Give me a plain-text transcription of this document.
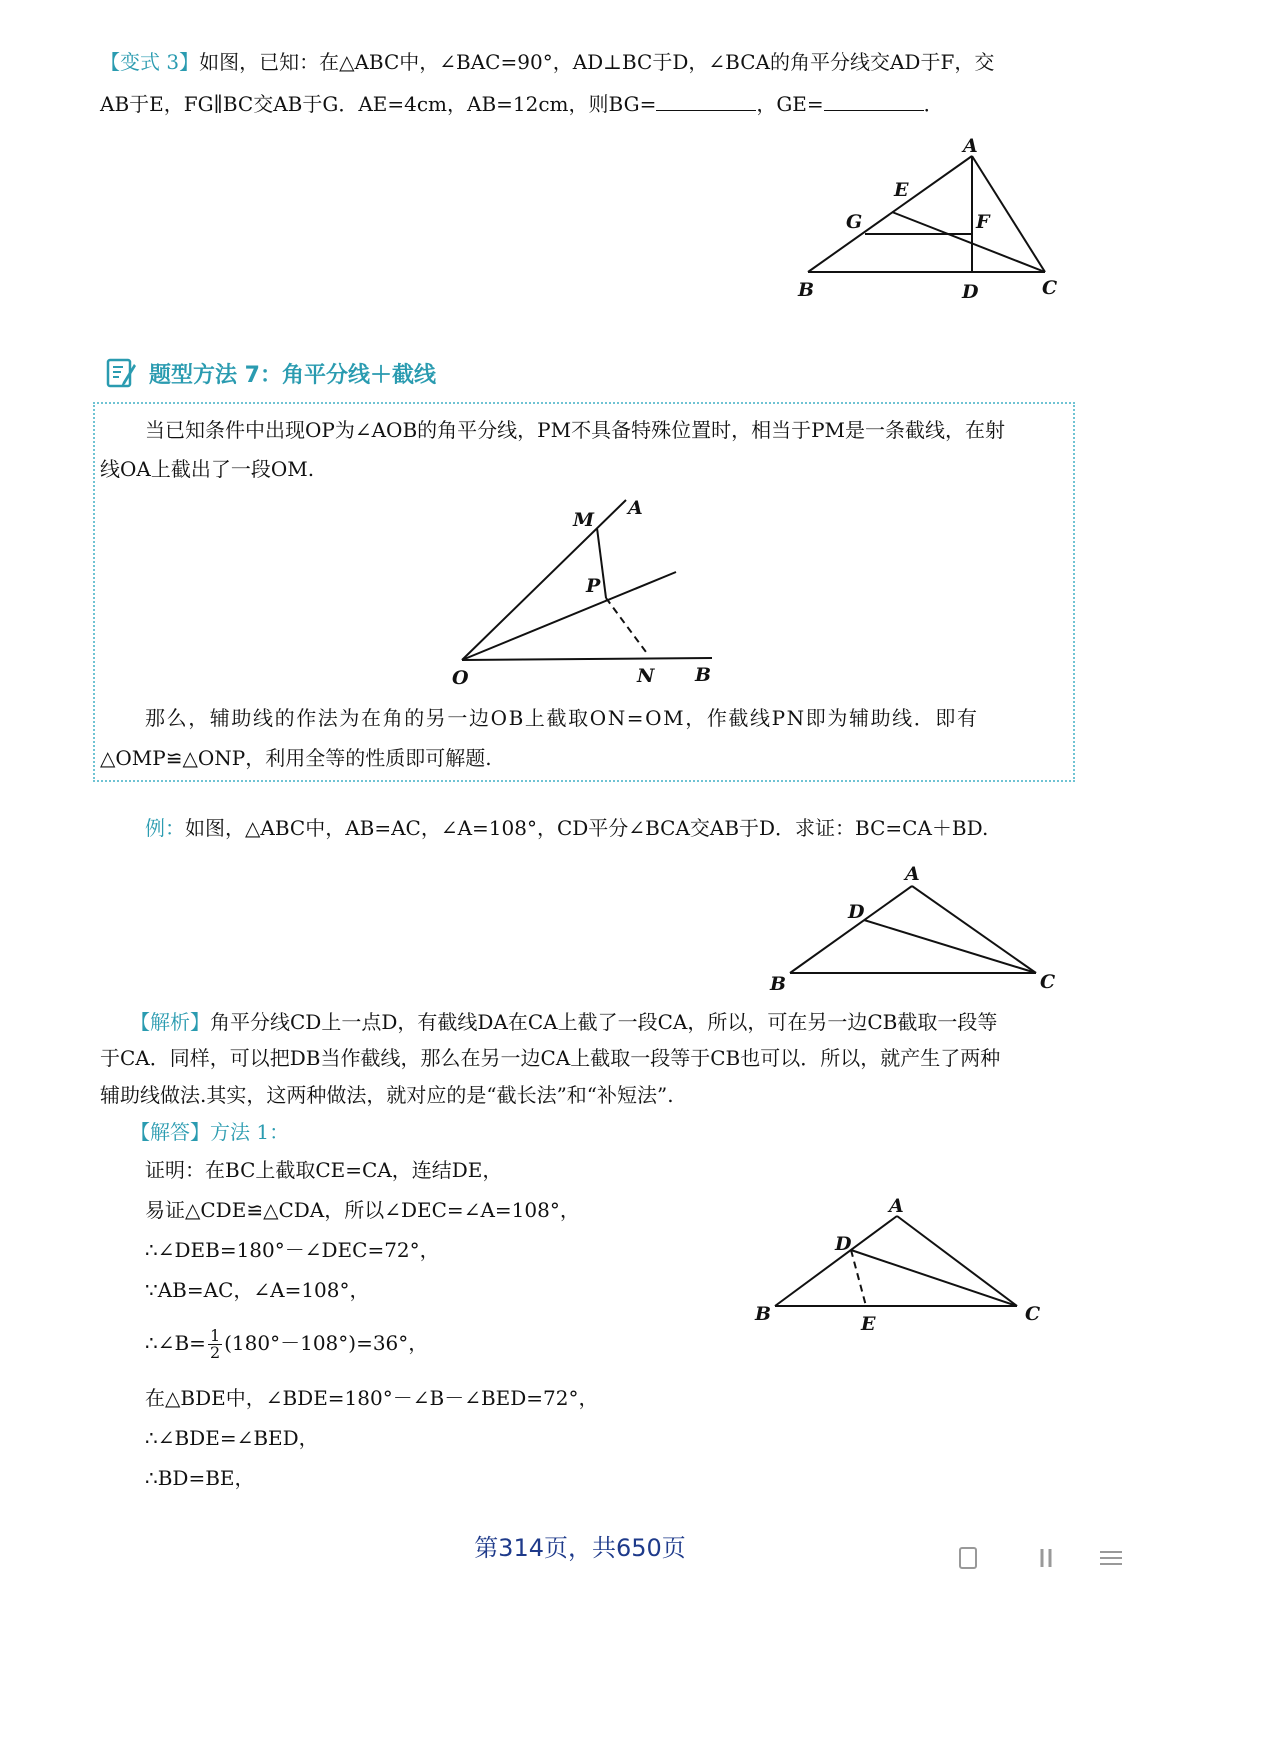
【变式 3】如图，已知：在△ABC中，∠BAC=90°，AD⊥BC于D，∠BCA的角平分线交AD于F，交
AB于E，FG∥BC交AB于G．AE=4cm，AB=12cm，则BG=	，GE=	．
A
E
G	F
B	D	C
题型方法 7：角平分线＋截线
当已知条件中出现OP为∠AOB的角平分线，PM不具备特殊位置时，相当于PM是一条截线，在射
线OA上截出了一段OM.
M
A
P
O	N B
那么，辅助线的作法为在角的另一边OB上截取ON=OM，作截线PN即为辅助线．即有
△OMP≌△ONP，利用全等的性质即可解题.
例：如图，△ABC中，AB=AC，∠A=108°，CD平分∠BCA交AB于D．求证：BC=CA＋BD.
A
D
B	C
【解析】角平分线CD上一点D，有截线DA在CA上截了一段CA，所以，可在另一边CB截取一段等
于CA．同样，可以把DB当作截线，那么在另一边CA上截取一段等于CB也可以．所以，就产生了两种
辅助线做法.其实，这两种做法，就对应的是“截长法”和“补短法”.
【解答】方法 1：
证明：在BC上截取CE=CA，连结DE，
易证△CDE≌△CDA，所以∠DEC=∠A=108°，
∴∠DEB=180°－∠DEC=72°，
∵AB=AC，∠A=108°，
∴∠B= $\frac{1}{2} (180^\circ-108^\circ)=36^\circ$，
在△BDE中，∠BDE=180°－∠B－∠BED=72°，
∴∠BDE=∠BED，
∴BD=BE，
A
D
B	E	C
第314页，共650页
